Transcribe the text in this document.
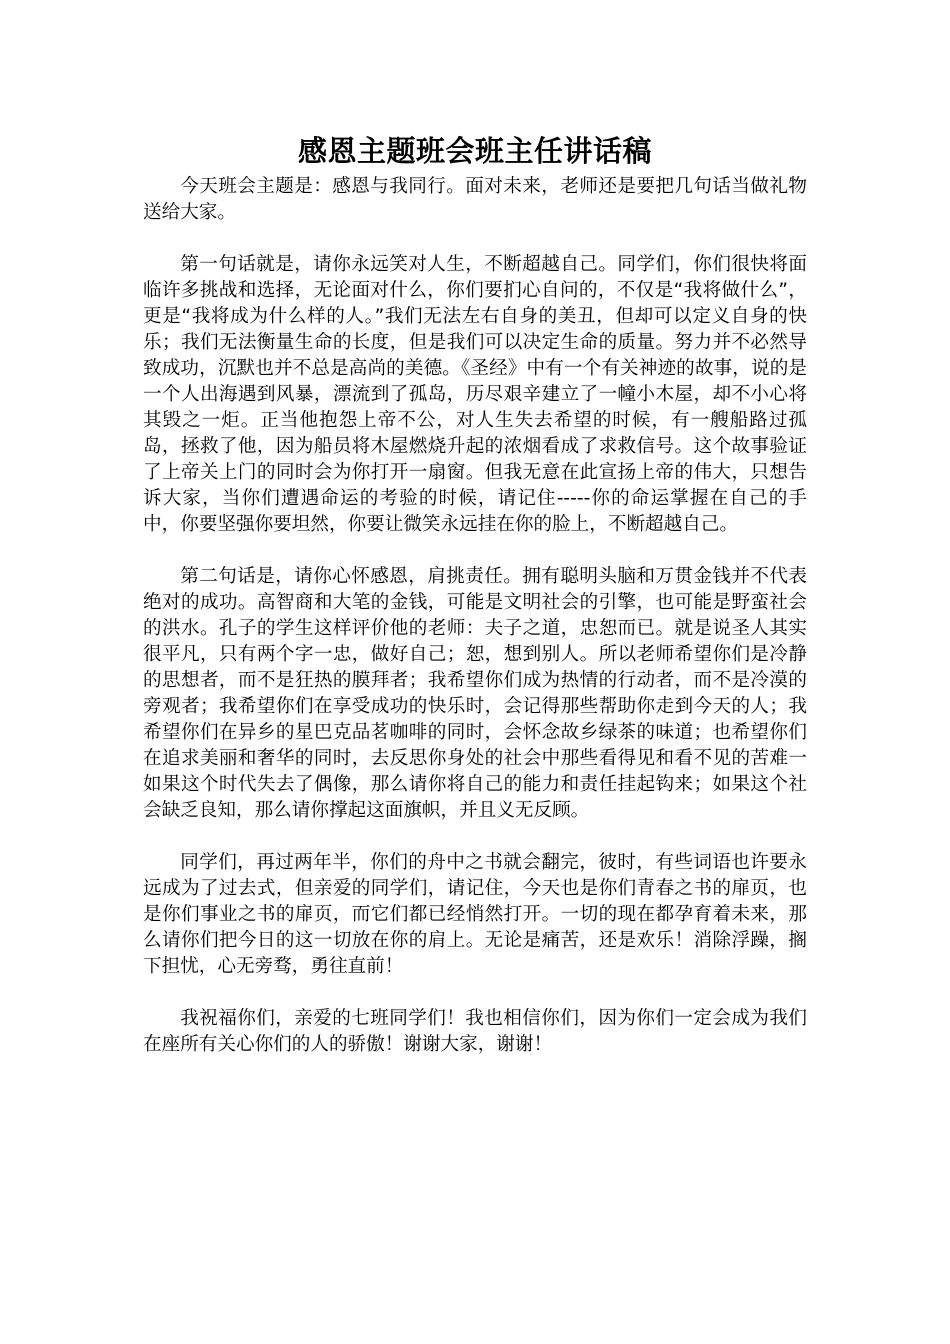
感恩主题班会班主任讲话稿

今天班会主题是：感恩与我同行。面对未来，老师还是要把几句话当做礼物送给大家。

第一句话就是，请你永远笑对人生，不断超越自己。同学们，你们很快将面临许多挑战和选择，无论面对什么，你们要扪心自问的，不仅是“我将做什么”，更是“我将成为什么样的人。”我们无法左右自身的美丑，但却可以定义自身的快乐；我们无法衡量生命的长度，但是我们可以决定生命的质量。努力并不必然导致成功，沉默也并不总是高尚的美德。《圣经》中有一个有关神迹的故事，说的是一个人出海遇到风暴，漂流到了孤岛，历尽艰辛建立了一幢小木屋，却不小心将其毁之一炬。正当他抱怨上帝不公，对人生失去希望的时候，有一艘船路过孤岛，拯救了他，因为船员将木屋燃烧升起的浓烟看成了求救信号。这个故事验证了上帝关上门的同时会为你打开一扇窗。但我无意在此宣扬上帝的伟大，只想告诉大家，当你们遭遇命运的考验的时候，请记住-----你的命运掌握在自己的手中，你要坚强你要坦然，你要让微笑永远挂在你的脸上，不断超越自己。

第二句话是，请你心怀感恩，肩挑责任。拥有聪明头脑和万贯金钱并不代表绝对的成功。高智商和大笔的金钱，可能是文明社会的引擎，也可能是野蛮社会的洪水。孔子的学生这样评价他的老师：夫子之道，忠恕而已。就是说圣人其实很平凡，只有两个字一忠，做好自己；恕，想到别人。所以老师希望你们是冷静的思想者，而不是狂热的膜拜者；我希望你们成为热情的行动者，而不是冷漠的旁观者；我希望你们在享受成功的快乐时，会记得那些帮助你走到今天的人；我希望你们在异乡的星巴克品茗咖啡的同时，会怀念故乡绿茶的味道；也希望你们在追求美丽和奢华的同时，去反思你身处的社会中那些看得见和看不见的苦难一如果这个时代失去了偶像，那么请你将自己的能力和责任挂起钩来；如果这个社会缺乏良知，那么请你撑起这面旗帜，并且义无反顾。

同学们，再过两年半，你们的舟中之书就会翻完，彼时，有些词语也许要永远成为了过去式，但亲爱的同学们，请记住，今天也是你们青春之书的扉页，也是你们事业之书的扉页，而它们都已经悄然打开。一切的现在都孕育着未来，那么请你们把今日的这一切放在你的肩上。无论是痛苦，还是欢乐！消除浮躁，搁下担忧，心无旁骛，勇往直前！

我祝福你们，亲爱的七班同学们！我也相信你们，因为你们一定会成为我们在座所有关心你们的人的骄傲！谢谢大家，谢谢！
